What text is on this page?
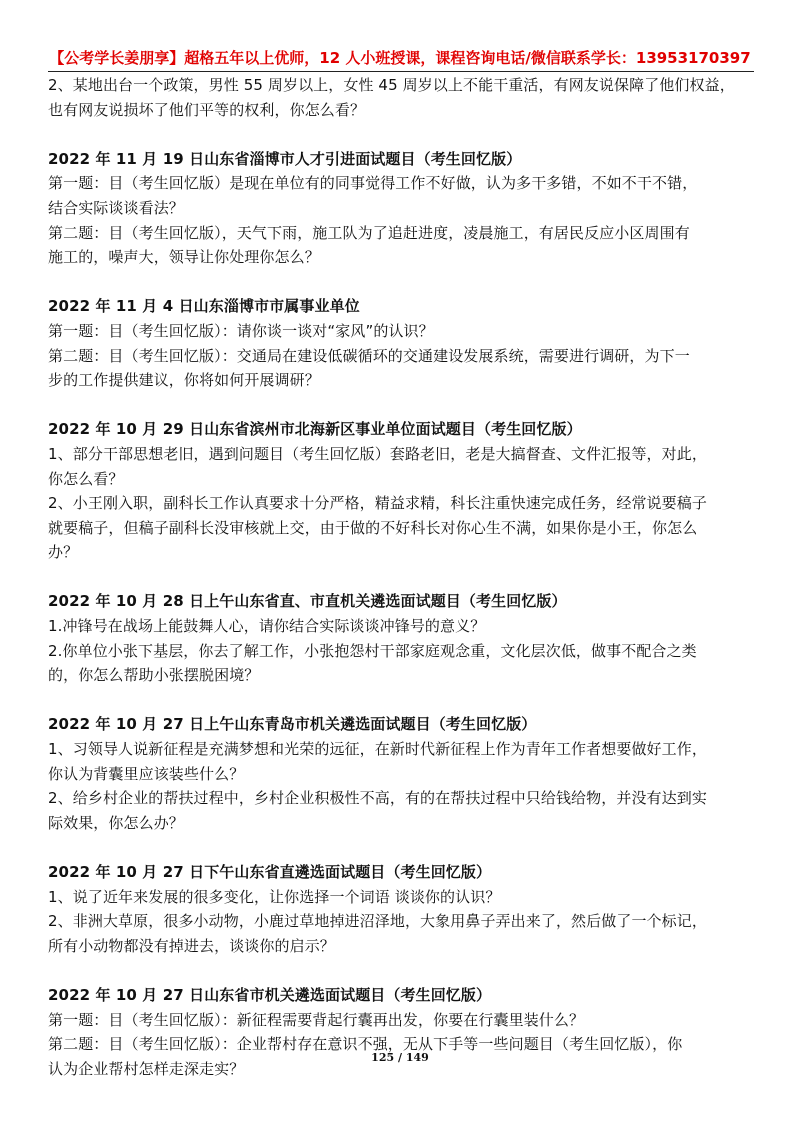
【公考学长姜朋享】超格五年以上优师，12 人小班授课，课程咨询电话/微信联系学长：13953170397

2、某地出台一个政策，男性 55 周岁以上，女性 45 周岁以上不能干重活，有网友说保障了他们权益，

也有网友说损坏了他们平等的权利，你怎么看？

2022 年 11 月 19 日山东省淄博市人才引进面试题目（考生回忆版）

第一题：目（考生回忆版）是现在单位有的同事觉得工作不好做，认为多干多错，不如不干不错，

结合实际谈谈看法？

第二题：目（考生回忆版），天气下雨，施工队为了追赶进度，凌晨施工，有居民反应小区周围有

施工的，噪声大，领导让你处理你怎么？

2022 年 11 月 4 日山东淄博市市属事业单位

第一题：目（考生回忆版）：请你谈一谈对“家风”的认识？

第二题：目（考生回忆版）：交通局在建设低碳循环的交通建设发展系统，需要进行调研，为下一

步的工作提供建议，你将如何开展调研？

2022 年 10 月 29 日山东省滨州市北海新区事业单位面试题目（考生回忆版）

1、部分干部思想老旧，遇到问题目（考生回忆版）套路老旧，老是大搞督查、文件汇报等，对此，

你怎么看？

2、小王刚入职，副科长工作认真要求十分严格，精益求精，科长注重快速完成任务，经常说要稿子

就要稿子，但稿子副科长没审核就上交，由于做的不好科长对你心生不满，如果你是小王，你怎么

办？

2022 年 10 月 28 日上午山东省直、市直机关遴选面试题目（考生回忆版）

1.冲锋号在战场上能鼓舞人心，请你结合实际谈谈冲锋号的意义？

2.你单位小张下基层，你去了解工作，小张抱怨村干部家庭观念重，文化层次低，做事不配合之类

的，你怎么帮助小张摆脱困境？

2022 年 10 月 27 日上午山东青岛市机关遴选面试题目（考生回忆版）

1、习领导人说新征程是充满梦想和光荣的远征，在新时代新征程上作为青年工作者想要做好工作，

你认为背囊里应该装些什么？

2、给乡村企业的帮扶过程中，乡村企业积极性不高，有的在帮扶过程中只给钱给物，并没有达到实

际效果，你怎么办？

2022 年 10 月 27 日下午山东省直遴选面试题目（考生回忆版）

1、说了近年来发展的很多变化，让你选择一个词语 谈谈你的认识？

2、非洲大草原，很多小动物，小鹿过草地掉进沼泽地，大象用鼻子弄出来了，然后做了一个标记，

所有小动物都没有掉进去，谈谈你的启示？

2022 年 10 月 27 日山东省市机关遴选面试题目（考生回忆版）

第一题：目（考生回忆版）：新征程需要背起行囊再出发，你要在行囊里装什么？

第二题：目（考生回忆版）：企业帮村存在意识不强，无从下手等一些问题目（考生回忆版），你

认为企业帮村怎样走深走实？

125 / 149
